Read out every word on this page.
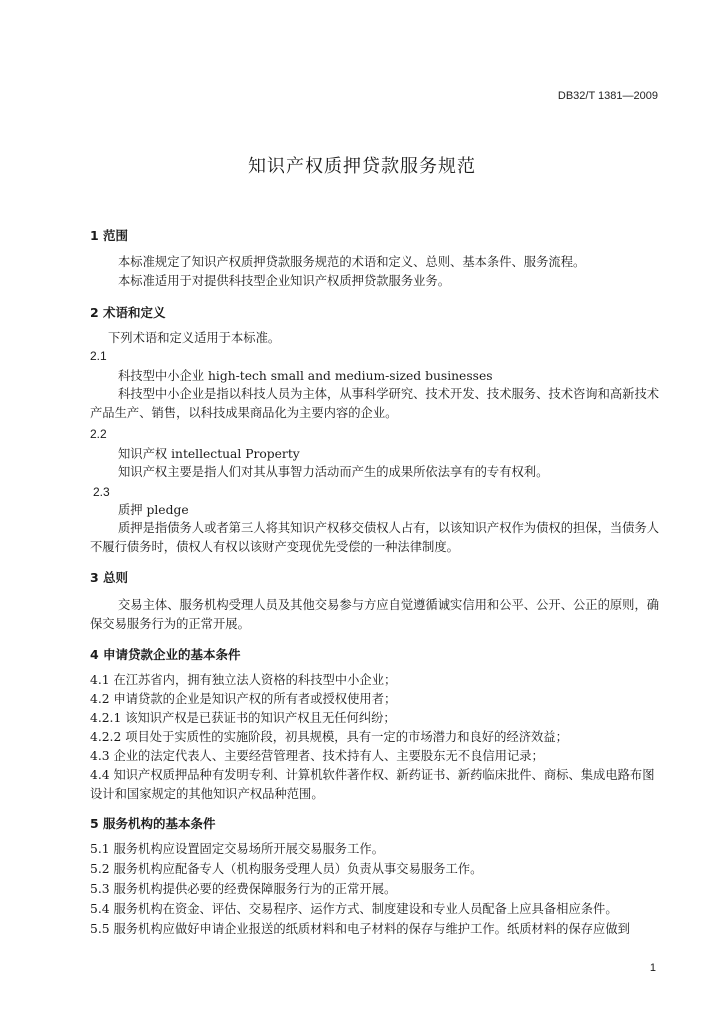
DB32/T 1381—2009
知识产权质押贷款服务规范
1 范围
本标准规定了知识产权质押贷款服务规范的术语和定义、总则、基本条件、服务流程。
本标准适用于对提供科技型企业知识产权质押贷款服务业务。
2 术语和定义
下列术语和定义适用于本标准。
2.1
科技型中小企业 high-tech small and medium-sized businesses
科技型中小企业是指以科技人员为主体，从事科学研究、技术开发、技术服务、技术咨询和高新技术产品生产、销售，以科技成果商品化为主要内容的企业。
2.2
知识产权 intellectual Property
知识产权主要是指人们对其从事智力活动而产生的成果所依法享有的专有权利。
2.3
质押 pledge
质押是指债务人或者第三人将其知识产权移交债权人占有，以该知识产权作为债权的担保，当债务人不履行债务时，债权人有权以该财产变现优先受偿的一种法律制度。
3 总则
交易主体、服务机构受理人员及其他交易参与方应自觉遵循诚实信用和公平、公开、公正的原则，确保交易服务行为的正常开展。
4 申请贷款企业的基本条件
4.1 在江苏省内，拥有独立法人资格的科技型中小企业；
4.2 申请贷款的企业是知识产权的所有者或授权使用者；
4.2.1 该知识产权是已获证书的知识产权且无任何纠纷；
4.2.2 项目处于实质性的实施阶段，初具规模，具有一定的市场潜力和良好的经济效益；
4.3 企业的法定代表人、主要经营管理者、技术持有人、主要股东无不良信用记录；
4.4 知识产权质押品种有发明专利、计算机软件著作权、新药证书、新药临床批件、商标、集成电路布图设计和国家规定的其他知识产权品种范围。
5 服务机构的基本条件
5.1 服务机构应设置固定交易场所开展交易服务工作。
5.2 服务机构应配备专人（机构服务受理人员）负责从事交易服务工作。
5.3 服务机构提供必要的经费保障服务行为的正常开展。
5.4 服务机构在资金、评估、交易程序、运作方式、制度建设和专业人员配备上应具备相应条件。
5.5 服务机构应做好申请企业报送的纸质材料和电子材料的保存与维护工作。纸质材料的保存应做到
1
